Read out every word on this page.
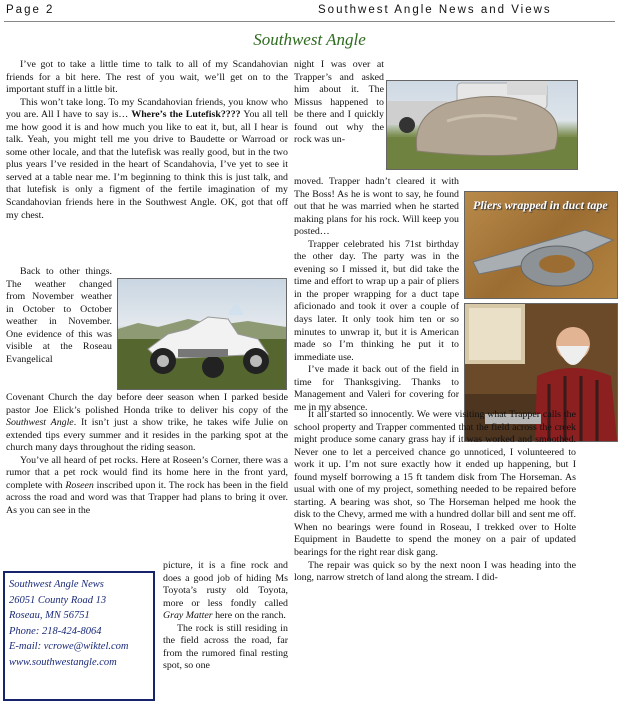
Page 2	Southwest Angle News and Views
Southwest Angle

I’ve got to take a little time to talk to all of my Scandahovian friends for a bit here. The rest of you wait, we’ll get on to the important stuff in a little bit.

This won’t take long. To my Scandahovian friends, you know who you are. All I have to say is… Where’s the Lutefisk???? You all tell me how good it is and how much you like to eat it, but, all I hear is talk. Yeah, you might tell me you drive to Baudette or Warroad or some other locale, and that the lutefisk was really good, but in the two plus years I’ve resided in the heart of Scandahovia, I’ve yet to see it served at a table near me. I’m beginning to think this is just talk, and that lutefisk is only a figment of the fertile imagination of my Scandahovian friends here in the Southwest Angle. OK, got that off my chest.

Back to other things. The weather changed from November weather in October to October weather in November. One evidence of this was visible at the Roseau Evangelical

Covenant Church the day before deer season when I parked beside pastor Joe Elick’s polished Honda trike to deliver his copy of the Southwest Angle. It isn’t just a show trike, he takes wife Julie on extended tips every summer and it resides in the parking spot at the church many days throughout the riding season.

You’ve all heard of pet rocks. Here at Roseen’s Corner, there was a rumor that a pet rock would find its home here in the front yard, complete with Roseen inscribed upon it. The rock has been in the field across the road and word was that Trapper had plans to bring it over. As you can see in the

Southwest Angle News
26051 County Road 13
Roseau, MN 56751
Phone: 218-424-8064
E-mail: vcrowe@wiktel.com
www.southwestangle.com

picture, it is a fine rock and does a good job of hiding Ms Toyota’s rusty old Toyota, more or less fondly called Gray Matter here on the ranch.

The rock is still residing in the field across the road, far from the rumored final resting spot, so one

night I was over at Trapper’s and asked him about it. The Missus happened to be there and I quickly found out why the rock was un-

moved. Trapper hadn’t cleared it with The Boss! As he is wont to say, he found out that he was married when he started making plans for his rock. Will keep you posted…

Trapper celebrated his 71st birthday the other day. The party was in the evening so I missed it, but did take the time and effort to wrap up a pair of pliers in the proper wrapping for a duct tape aficionado and took it over a couple of days later. It only took him ten or so minutes to unwrap it, but it is American made so I’m thinking he put it to immediate use.

I’ve made it back out of the field in time for Thanksgiving. Thanks to Management and Valeri for covering for me in my absence.

Pliers wrapped in duct tape

It all started so innocently. We were visiting what Trapper calls the school property and Trapper commented that the field across the creek might produce some canary grass hay if it was worked and smoothed. Never one to let a perceived chance go unnoticed, I volunteered to work it up. I’m not sure exactly how it ended up happening, but I found myself borrowing a 15 ft tandem disk from The Horseman. As usual with one of my project, something needed to be repaired before starting. A bearing was shot, so The Horseman helped me hook the disk to the Chevy, armed me with a hundred dollar bill and sent me off. When no bearings were found in Roseau, I trekked over to Holte Equipment in Baudette to spend the money on a pair of updated bearings for the right rear disk gang.

The repair was quick so by the next noon I was heading into the long, narrow stretch of land along the stream. I did-
